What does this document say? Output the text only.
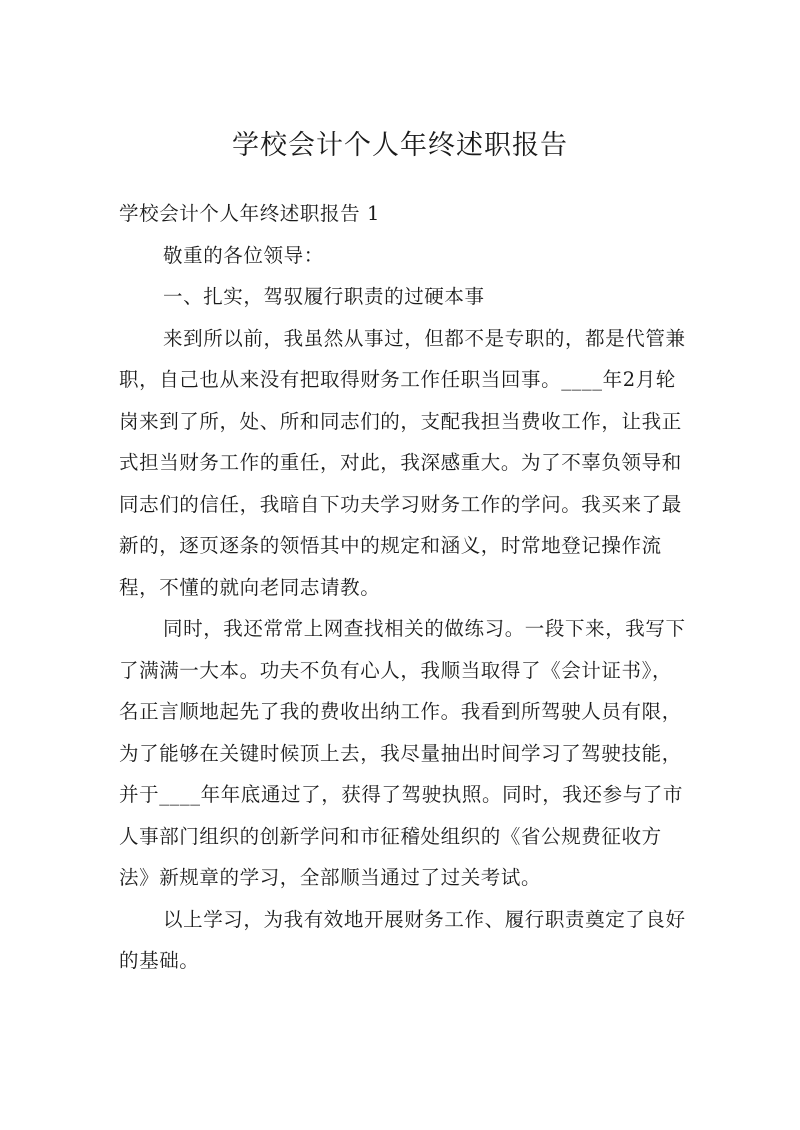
学校会计个人年终述职报告

学校会计个人年终述职报告 1

敬重的各位领导：

一、扎实，驾驭履行职责的过硬本事

来到所以前，我虽然从事过，但都不是专职的，都是代管兼职，自己也从来没有把取得财务工作任职当回事。____年2月轮岗来到了所，处、所和同志们的，支配我担当费收工作，让我正式担当财务工作的重任，对此，我深感重大。为了不辜负领导和同志们的信任，我暗自下功夫学习财务工作的学问。我买来了最新的，逐页逐条的领悟其中的规定和涵义，时常地登记操作流程，不懂的就向老同志请教。

同时，我还常常上网查找相关的做练习。一段下来，我写下了满满一大本。功夫不负有心人，我顺当取得了《会计证书》，名正言顺地起先了我的费收出纳工作。我看到所驾驶人员有限，为了能够在关键时候顶上去，我尽量抽出时间学习了驾驶技能，并于____年年底通过了，获得了驾驶执照。同时，我还参与了市人事部门组织的创新学问和市征稽处组织的《省公规费征收方法》新规章的学习，全部顺当通过了过关考试。

以上学习，为我有效地开展财务工作、履行职责奠定了良好的基础。
